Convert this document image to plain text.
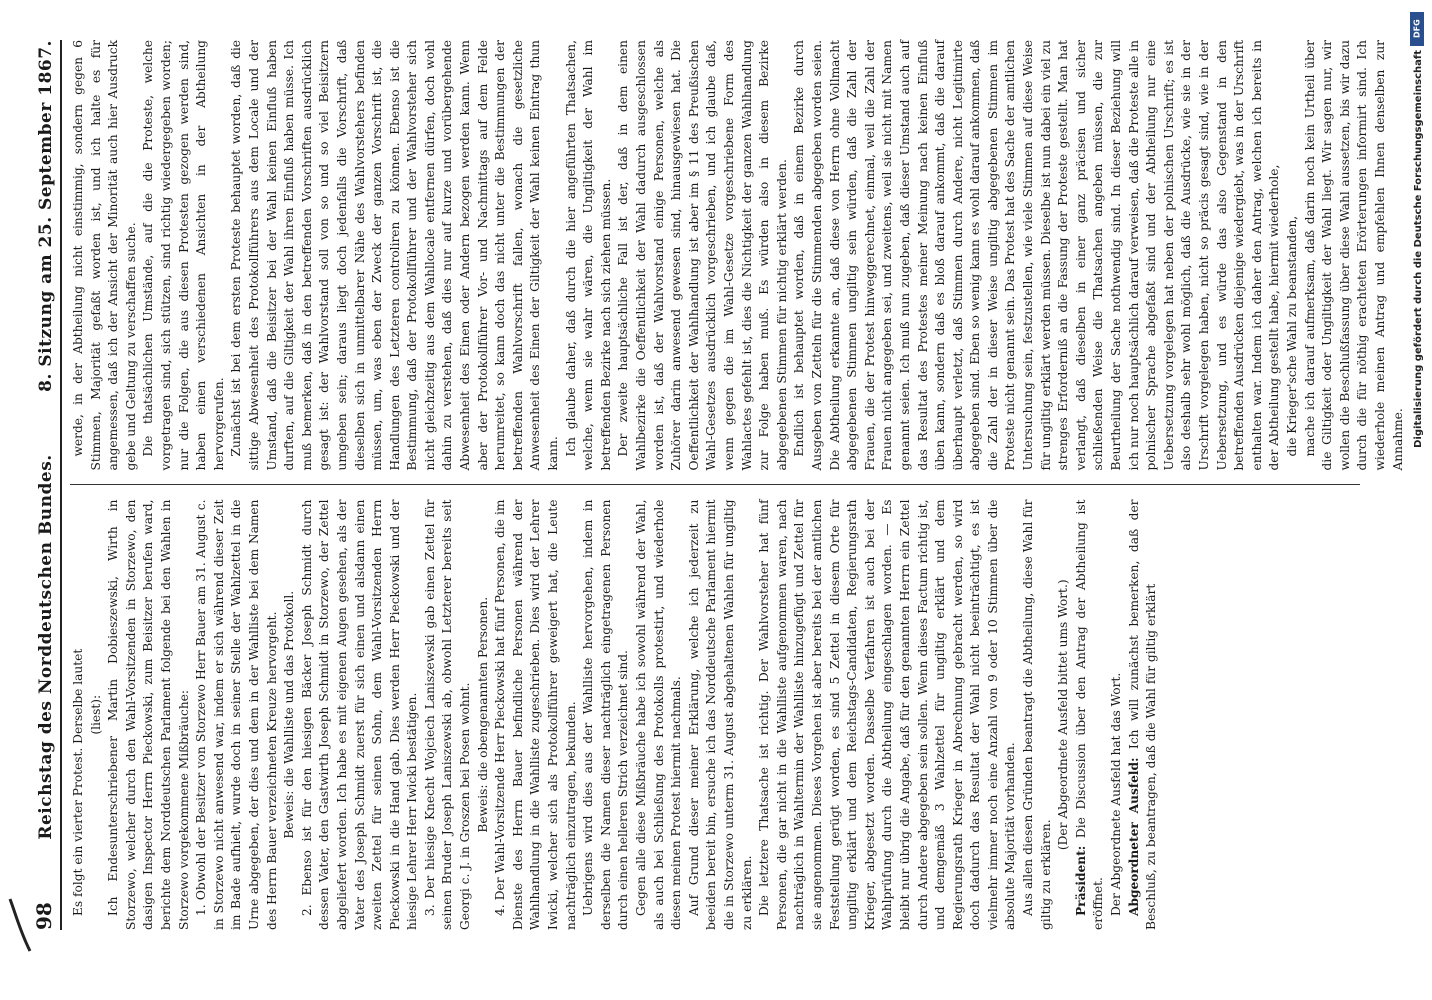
98
Reichstag des Norddeutschen Bundes.
8. Sitzung am 25. September 1867.

Es folgt ein vierter Protest. Derselbe lautet (liest): Ich Endesunterschriebener Martin Dobieszewski, Wirth in Storzewo, welcher durch den Wahl-Vorsitzenden in Storzewo, den dasigen Inspector Herrn Pieckowski, zum Beisitzer berufen ward, berichte dem Norddeutschen Parlament folgende bei den Wahlen in Storzewo vorgekommene Mißbräuche: 1. Obwohl der Besitzer von Storzewo Herr Bauer am 31. August c. in Storzewo nicht anwesend war, indem er sich während dieser Zeit im Bade aufhielt, wurde doch in seiner Stelle der Wahlzettel in die Urne abgegeben, der dies und dem in der Wahlliste bei dem Namen des Herrn Bauer verzeichneten Kreuze hervorgeht. Beweis: die Wahlliste und das Protokoll. 2. Ebenso ist für den hiesigen Bäcker Joseph Schmidt durch dessen Vater, den Gastwirth Joseph Schmidt in Storzewo, der Zettel abgeliefert worden. Ich habe es mit eigenen Augen gesehen, als der Vater des Joseph Schmidt zuerst für sich einen und alsdann einen zweiten Zettel für seinen Sohn, dem Wahl-Vorsitzenden Herrn Pieckowski in die Hand gab. Dies werden Herr Pieckowski und der hiesige Lehrer Herr Iwicki bestätigen. 3. Der hiesige Knecht Wojciech Laniszewski gab einen Zettel für seinen Bruder Joseph Laniszewski ab, obwohl Letzterer bereits seit Georgi c. J. in Groszen bei Posen wohnt. Beweis: die obengenannten Personen. 4. Der Wahl-Vorsitzende Herr Pieckowski hat fünf Personen, die im Dienste des Herrn Bauer befindliche Personen während der Wahlhandlung in die Wahlliste zugeschrieben. Dies wird der Lehrer Iwicki, welcher sich als Protokollführer geweigert hat, die Leute nachträglich einzutragen, bekunden. Uebrigens wird dies aus der Wahlliste hervorgehen, indem in derselben die Namen dieser nachträglich eingetragenen Personen durch einen helleren Strich verzeichnet sind. Gegen alle diese Mißbräuche habe ich sowohl während der Wahl, als auch bei Schließung des Protokolls protestirt, und wiederhole diesen meinen Protest hiermit nachmals. Auf Grund dieser meiner Erklärung, welche ich jederzeit zu beeiden bereit bin, ersuche ich das Norddeutsche Parlament hiermit die in Storzewo unterm 31. August abgehaltenen Wahlen für ungiltig zu erklären. Die letztere Thatsache ist richtig. Der Wahlvorsteher hat fünf Personen, die gar nicht in die Wahlliste aufgenommen waren, nach nachträglich in Wahltermin der Wahlliste hinzugefügt und Zettel für sie angenommen. Dieses Vorgehen ist aber bereits bei der amtlichen Feststellung gerügt worden, es sind 5 Zettel in diesem Orte für ungiltig erklärt und dem Reichstags-Candidaten, Regierungsrath Krieger, abgesetzt worden. Dasselbe Verfahren ist auch bei der Wahlprüfung durch die Abtheilung eingeschlagen worden. — Es bleibt nur übrig die Angabe, daß für den genannten Herrn ein Zettel durch Andere abgegeben sein sollen. Wenn dieses Factum richtig ist, und demgemäß 3 Wahlzettel für ungiltig erklärt und dem Regierungsrath Krieger in Abrechnung gebracht werden, so wird doch dadurch das Resultat der Wahl nicht beeinträchtigt, es ist vielmehr immer noch eine Anzahl von 9 oder 10 Stimmen über die absolute Majorität vorhanden. Aus allen diesen Gründen beantragt die Abtheilung, diese Wahl für giltig zu erklären.

(Der Abgeordnete Ausfeld bittet ums Wort.)

Präsident: Die Discussion über den Antrag der Abtheilung ist eröffnet. Der Abgeordnete Ausfeld hat das Wort. Abgeordneter Ausfeld: Ich will zunächst bemerken, daß der Beschluß, zu beantragen, daß die Wahl für giltig erklärt

werde, in der Abtheilung nicht einstimmig, sondern gegen 6 Stimmen, Majorität gefaßt worden ist, und ich halte es für angemessen, daß ich der Ansicht der Minorität auch hier Ausdruck gebe und Geltung zu verschaffen suche. Die thatsächlichen Umstände, auf die die Proteste, welche vorgetragen sind, sich stützen, sind richtig wiedergegeben worden; nur die Folgen, die aus diesen Protesten gezogen werden sind, haben einen verschiedenen Ansichten in der Abtheilung hervorgerufen. Zunächst ist bei dem ersten Proteste behauptet worden, daß die sittige Abwesenheit des Protokollführers aus dem Locale und der Umstand, daß die Beisitzer bei der Wahl keinen Einfluß haben durften, auf die Giltigkeit der Wahl ihren Einfluß haben müsse. Ich muß bemerken, daß in den betreffenden Vorschriften ausdrücklich gesagt ist: der Wahlvorstand soll von so und so viel Beisitzern umgeben sein; daraus liegt doch jedenfalls die Vorschrift, daß dieselben sich in unmittelbarer Nähe des Wahlvorstehers befinden müssen, um, was eben der Zweck der ganzen Vorschrift ist, die Handlungen des Letzteren controliren zu können. Ebenso ist die Bestimmung, daß der Protokollführer und der Wahlvorsteher sich nicht gleichzeitig aus dem Wahllocale entfernen dürfen, doch wohl dahin zu verstehen, daß dies nur auf kurze und vorübergehende Abwesenheit des Einen oder Andern bezogen werden kann. Wenn aber der Protokollführer Vor- und Nachmittags auf dem Felde herumreitet, so kann doch das nicht unter die Bestimmungen der betreffenden Wahlvorschrift fallen, wonach die gesetzliche Anwesenheit des Einen der Giltigkeit der Wahl keinen Eintrag thun kann. Ich glaube daher, daß durch die hier angeführten Thatsachen, welche, wenn sie wahr wären, die Ungiltigkeit der Wahl im betreffenden Bezirke nach sich ziehen müssen. Der zweite hauptsächliche Fall ist der, daß in dem einen Wahlbezirke die Oeffentlichkeit der Wahl dadurch ausgeschlossen worden ist, daß der Wahlvorstand einige Personen, welche als Zuhörer darin anwesend gewesen sind, hinausgewiesen hat. Die Oeffentlichkeit der Wahlhandlung ist aber im § 11 des Preußischen Wahl-Gesetzes ausdrücklich vorgeschrieben, und ich glaube daß, wenn gegen die im Wahl-Gesetze vorgeschriebene Form des Wahlactes gefehlt ist, dies die Nichtigkeit der ganzen Wahlhandlung zur Folge haben muß. Es würden also in diesem Bezirke abgegebenen Stimmen für nichtig erklärt werden. Endlich ist behauptet worden, daß in einem Bezirke durch Ausgeben von Zetteln für die Stimmenden abgegeben worden seien. Die Abtheilung erkannte an, daß diese von Herrn ohne Vollmacht abgegebenen Stimmen ungiltig sein würden, daß die Zahl der Frauen, die der Protest hinweggerechnet, einmal, weil die Zahl der Frauen nicht angegeben sei, und zweitens, weil sie nicht mit Namen genannt seien. Ich muß nun zugeben, daß dieser Umstand auch auf das Resultat des Protestes meiner Meinung nach keinen Einfluß üben kann, sondern daß es bloß darauf ankommt, daß die darauf überhaupt verletzt, daß Stimmen durch Andere, nicht Legitimirte abgegeben sind. Eben so wenig kann es wohl darauf ankommen, daß die Zahl der in dieser Weise ungiltig abgegebenen Stimmen im Proteste nicht genannt sein. Das Protest hat des Sache der amtlichen Untersuchung sein, festzustellen, wie viele Stimmen auf diese Weise für ungiltig erklärt werden müssen. Dieselbe ist nun dabei ein viel zu strenges Erforderniß an die Fassung der Proteste gestellt. Man hat verlangt, daß dieselben in einer ganz präcisen und sicher schließenden Weise die Thatsachen angeben müssen, die zur Beurtheilung der Sache nothwendig sind. In dieser Beziehung will ich nur noch hauptsächlich darauf verweisen, daß die Proteste alle in polnischer Sprache abgefaßt sind und der Abtheilung nur eine Uebersetzung vorgelegen hat neben der polnischen Urschrift; es ist also deshalb sehr wohl möglich, daß die Ausdrücke, wie sie in der Urschrift vorgelegen haben, nicht so präcis gesagt sind, wie in der Uebersetzung, und es würde das also Gegenstand in den betreffenden Ausdrücken diejenige wiedergiebt, was in der Urschrift enthalten war. Indem ich daher den Antrag, welchen ich bereits in der Abtheilung gestellt habe, hiermit wiederhole, die Krieger'sche Wahl zu beanstanden, mache ich darauf aufmerksam, daß darin noch kein Urtheil über die Giltigkeit oder Ungiltigkeit der Wahl liegt. Wir sagen nur, wir wollen die Beschlußfassung über diese Wahl aussetzen, bis wir dazu durch die für nöthig erachteten Erörterungen informirt sind. Ich wiederhole meinen Antrag und empfehlen Ihnen denselben zur Annahme.

DFG
Digitalisierung gefördert durch die Deutsche Forschungsgemeinschaft
